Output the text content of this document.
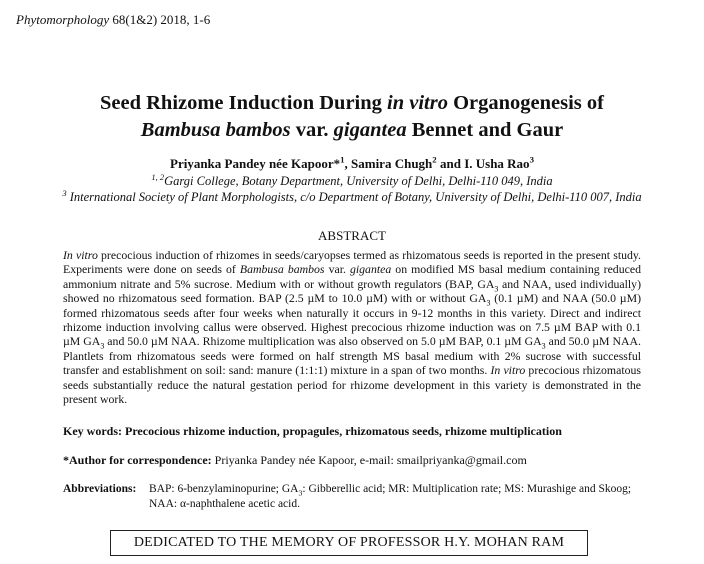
Phytomorphology 68(1&2) 2018, 1-6
Seed Rhizome Induction During in vitro Organogenesis of
Bambusa bambos var. gigantea Bennet and Gaur
Priyanka Pandey née Kapoor*$^1$, Samira Chugh$^2$ and I. Usha Rao$^3$
$^{1, 2}$Gargi College, Botany Department, University of Delhi, Delhi-110 049, India
$^3$ International Society of Plant Morphologists, c/o Department of Botany, University of Delhi, Delhi-110 007, India
ABSTRACT
In vitro precocious induction of rhizomes in seeds/caryopses termed as rhizomatous seeds is reported in the present study. Experiments were done on seeds of Bambusa bambos var. gigantea on modified MS basal medium containing reduced ammonium nitrate and 5% sucrose. Medium with or without growth regulators (BAP, $GA_3$ and NAA, used individually) showed no rhizomatous seed formation. BAP (2.5 µM to 10.0 µM) with or without $GA_3$ (0.1 µM) and NAA (50.0 µM) formed rhizomatous seeds after four weeks when naturally it occurs in 9-12 months in this variety. Direct and indirect rhizome induction involving callus were observed. Highest precocious rhizome induction was on 7.5 µM BAP with 0.1 µM $GA_3$ and 50.0 µM NAA. Rhizome multiplication was also observed on 5.0 µM BAP, 0.1 µM $GA_3$ and 50.0 µM NAA. Plantlets from rhizomatous seeds were formed on half strength MS basal medium with 2% sucrose with successful transfer and establishment on soil: sand: manure (1:1:1) mixture in a span of two months. In vitro precocious rhizomatous seeds substantially reduce the natural gestation period for rhizome development in this variety is demonstrated in the present work.
Key words: Precocious rhizome induction, propagules, rhizomatous seeds, rhizome multiplication
*Author for correspondence: Priyanka Pandey née Kapoor, e-mail: smailpriyanka@gmail.com
Abbreviations:	BAP: 6-benzylaminopurine; $GA_3$: Gibberellic acid; MR: Multiplication rate; MS: Murashige and Skoog; NAA: α-naphthalene acetic acid.
DEDICATED TO THE MEMORY OF PROFESSOR H.Y. MOHAN RAM
